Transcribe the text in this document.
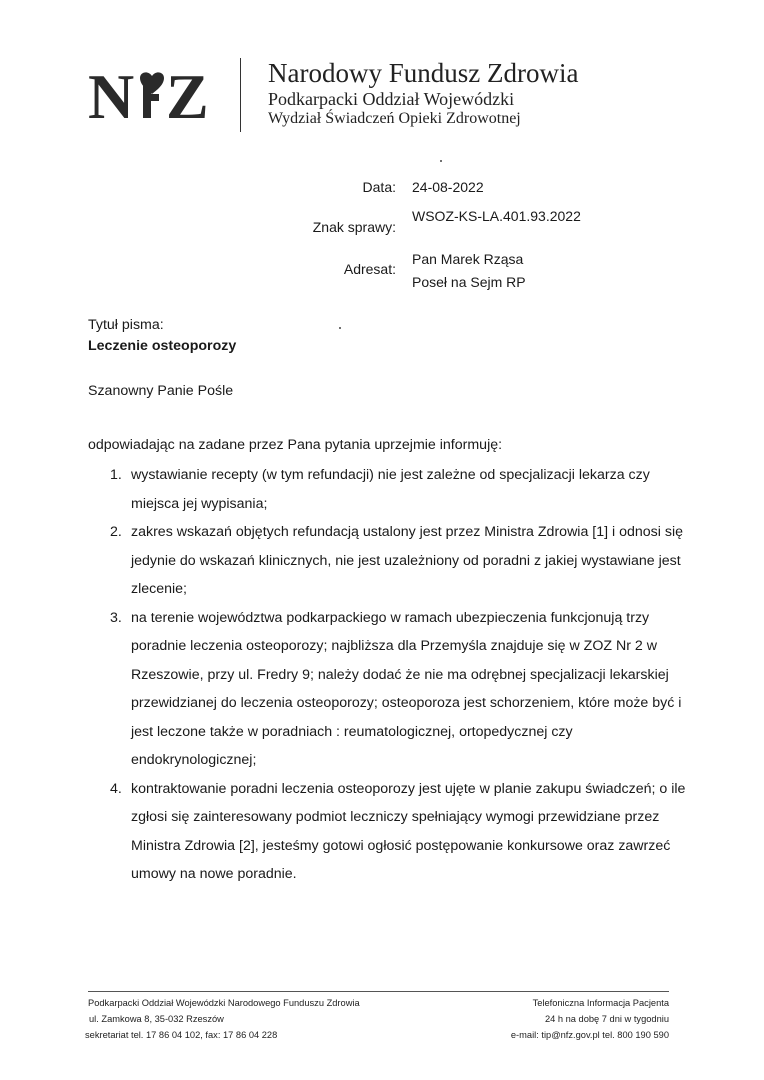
N Z Narodowy Fundusz Zdrowia
Podkarpacki Oddział Wojewódzki
Wydział Świadczeń Opieki Zdrowotnej
Data: 24-08-2022
Znak sprawy:
WSOZ-KS-LA.401.93.2022
Adresat:
Pan Marek Rząsa
Poseł na Sejm RP
Tytuł pisma:
Leczenie osteoporozy
Szanowny Panie Pośle
odpowiadając na zadane przez Pana pytania uprzejmie informuję:
1. wystawianie recepty (w tym refundacji) nie jest zależne od specjalizacji lekarza czy miejsca jej wypisania;
2. zakres wskazań objętych refundacją ustalony jest przez Ministra Zdrowia [1] i odnosi się jedynie do wskazań klinicznych, nie jest uzależniony od poradni z jakiej wystawiane jest zlecenie;
3. na terenie województwa podkarpackiego w ramach ubezpieczenia funkcjonują trzy poradnie leczenia osteoporozy; najbliższa dla Przemyśla znajduje się w ZOZ Nr 2 w Rzeszowie, przy ul. Fredry 9; należy dodać że nie ma odrębnej specjalizacji lekarskiej przewidzianej do leczenia osteoporozy; osteoporoza jest schorzeniem, które może być i jest leczone także w poradniach : reumatologicznej, ortopedycznej czy endokrynologicznej;
4. kontraktowanie poradni leczenia osteoporozy jest ujęte w planie zakupu świadczeń; o ile zgłosi się zainteresowany podmiot leczniczy spełniający wymogi przewidziane przez Ministra Zdrowia [2], jesteśmy gotowi ogłosić postępowanie konkursowe oraz zawrzeć umowy na nowe poradnie.
Podkarpacki Oddział Wojewódzki Narodowego Funduszu Zdrowia
ul. Zamkowa 8, 35-032 Rzeszów
sekretariat tel. 17 86 04 102, fax: 17 86 04 228
Telefoniczna Informacja Pacjenta
24 h na dobę 7 dni w tygodniu
e-mail: tip@nfz.gov.pl tel. 800 190 590
